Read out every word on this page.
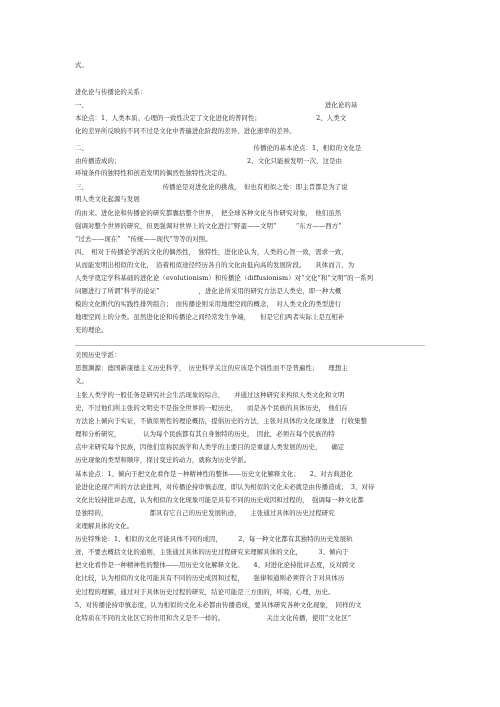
式。
进化论与传播论的关系：
一、　　　　　　　　　　　　　　　　　　　　　　　　　　　　　　　　　　　　　进化论的基
本论点：1、人类本质、心理的一致性决定了文化进化的普同性；　　　　　　　　　2、人类文
化的差异所反映的不同不过是文化中普遍进化阶段的差异、进化速率的差异。
二、　　　　　　　　　　　　　　　　　　　　　　　　　　传播论的基本论点：1、相似的文化是
由传播造成的；　　　　　　　　　　　　　　　　　　　　2、文化只能被发明一次，这是由
环境条件的独特性和创造发明的偶然性独特性决定的。
三、　　　　　　　　　　　　传播论是对进化论的挑战，　但也有相似之处：即主旨都是为了说
明人类文化起源与发展
的由来。进化论和传播论的研究都囊括整个世界，　把全球各种文化当作研究对象，　他们虽然
强调对整个世界的研究，但更强调对世界上的文化进行“野蛮——文明”　　　“东方——西方”
“过去——现在”　“传统——现代”等等的对照。
四、　相对于传播论学派的文化的偶然性，　独特性，进化论认为，人类的心智一致，需求一致，
从而能发明出相似的文化，　沿着相似途径经历各自的文化由低向高的发展阶段。　　具体而言，为
人类学奠定学科基础的进化论（evolutionism）和传播论（diffusionism）对“文化”和“文明”的一系列
问题进行了所谓“科学的论证”　　　　　　，进化论所采用的研究方法是人类史，即一种大概
模的文化断代的实践性排列组合；　而传播论则采用地理空间的概念，　对人类文化的类型进行
地理空间上的分类。虽然进化论和传播论之间经常发生争端，　　但是它们两者实际上是互相补
充的理论。
美国历史学派：
思想渊源：德国新康德主义历史科学，　历史科学关注的应该是个别性而不是普遍性；　　理想主
义。
主张人类学的一般任务是研究社会生活现象的综合，　　并通过这种研究来构拟人类文化和文明
史，不过他们所主张的文明史不是指全世界的一般历史，　　而是各个民族的具体历史，　他们在
方法论上倾向于实证，不做原则性的理论概括，提倡历史的方法，主张对具体的文化现象进　行收集整
理和分析研究，　　　　认为每个民族都有其自身独特的历史，　因此，必须在每个民族的特
点中来研究每个民族，因他们宣称民族学和人类学的主要目的是重建人类发展的历史，　　确定
历史现象的类型和顺序，探讨变迁的动力，就称为历史学派。
基本论点：1、倾向于把文化看作是一种精神性的整体——历史文化解释文化；　　2、对古典进化
论进化论现产所的方法论批判，对传播论持审慎态度，即认为相似的文化未必就是由传播造成；　3、对待
文化比较持批评态度，认为相似的文化现象可能是具有不同的历史成因和过程的，　强调每一种文化都
是独特的，　　　　　　　都具有它自己的历史发展轨迹，　　主张通过具体的历史过程研究
来理解具体的文化。
历史特殊论：1、相似的文化可能具体不同的成因，　　　2、每一种文化都有其独特的历史发展轨
迹，不要去概括文化的通则，主张通过具体的历史过程研究来理解具体的文化，　　　3、倾向于
把文化看作是一种精神性的整体——用历史文化解释文化。　　4、对进化论持批评态度，反对跨文
化比较，认为相似的文化可能具有不同的历史成因和过程，　　强律和通则必须符合于对具体历
史过程的理解，通过对于具体历史过程的研究，结论可能是三方面的，环境，心理，历史。
5、对传播论持审慎态度，认为相似的文化未必都由传播造成，要具体研究各种文化现象，　同样的文
化特质在不同的文化区它的作用和含义是不一样的。　　　　　　　关注文化传播，使用“文化区”
